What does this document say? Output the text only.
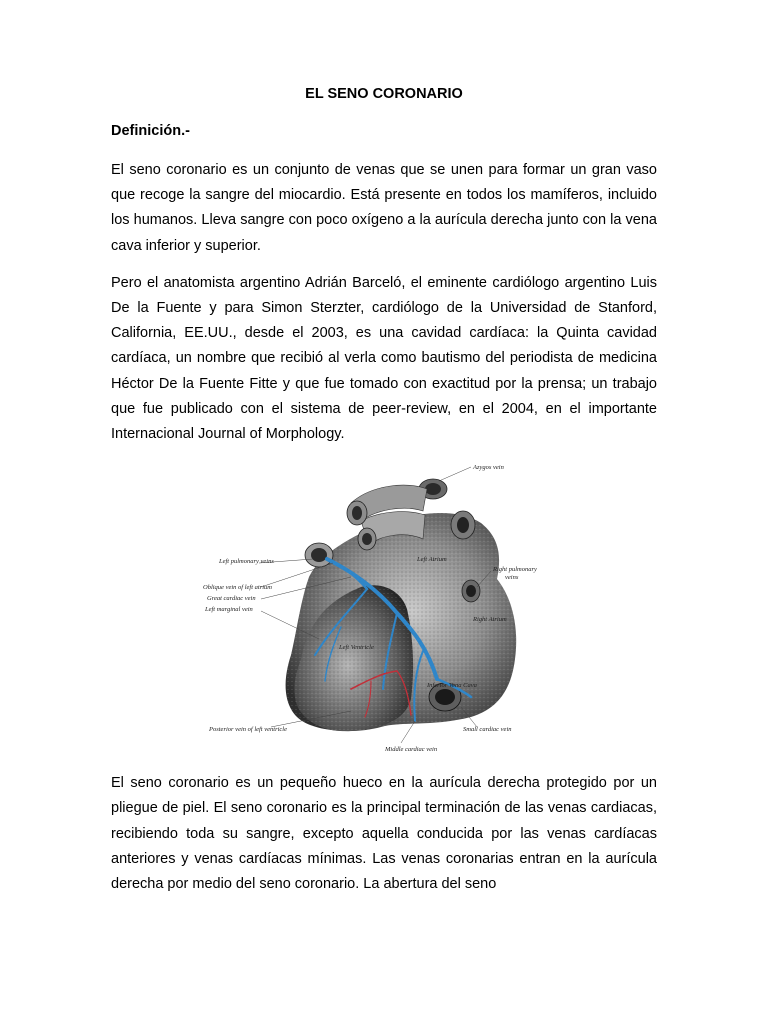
EL SENO CORONARIO
Definición.-

El seno coronario es un conjunto de venas que se unen para formar un gran vaso que recoge la sangre del miocardio. Está presente en todos los mamíferos, incluido los humanos. Lleva sangre con poco oxígeno a la aurícula derecha junto con la vena cava inferior y superior.

Pero el anatomista argentino Adrián Barceló, el eminente cardiólogo argentino Luis De la Fuente y para Simon Sterzter, cardiólogo de la Universidad de Stanford, California, EE.UU., desde el 2003, es una cavidad cardíaca: la Quinta cavidad cardíaca, un nombre que recibió al verla como bautismo del periodista de medicina Héctor De la Fuente Fitte y que fue tomado con exactitud por la prensa; un trabajo que fue publicado con el sistema de peer-review, en el 2004, en el importante Internacional Journal of Morphology.

Azygos vein
Left pulmonary veins
Right pulmonary
veins
Oblique vein of left atrium
Great cardiac vein
Left marginal vein
Posterior vein of left ventricle
Middle cardiac vein
Small cardiac vein
Left Atrium
Right Atrium
Left Ventricle
Inferior Vena Cava

El seno coronario es un pequeño hueco en la aurícula derecha protegido por un pliegue de piel. El seno coronario es la principal terminación de las venas cardiacas, recibiendo toda su sangre, excepto aquella conducida por las venas cardíacas anteriores y venas cardíacas mínimas. Las venas coronarias entran en la aurícula derecha por medio del seno coronario. La abertura del seno
